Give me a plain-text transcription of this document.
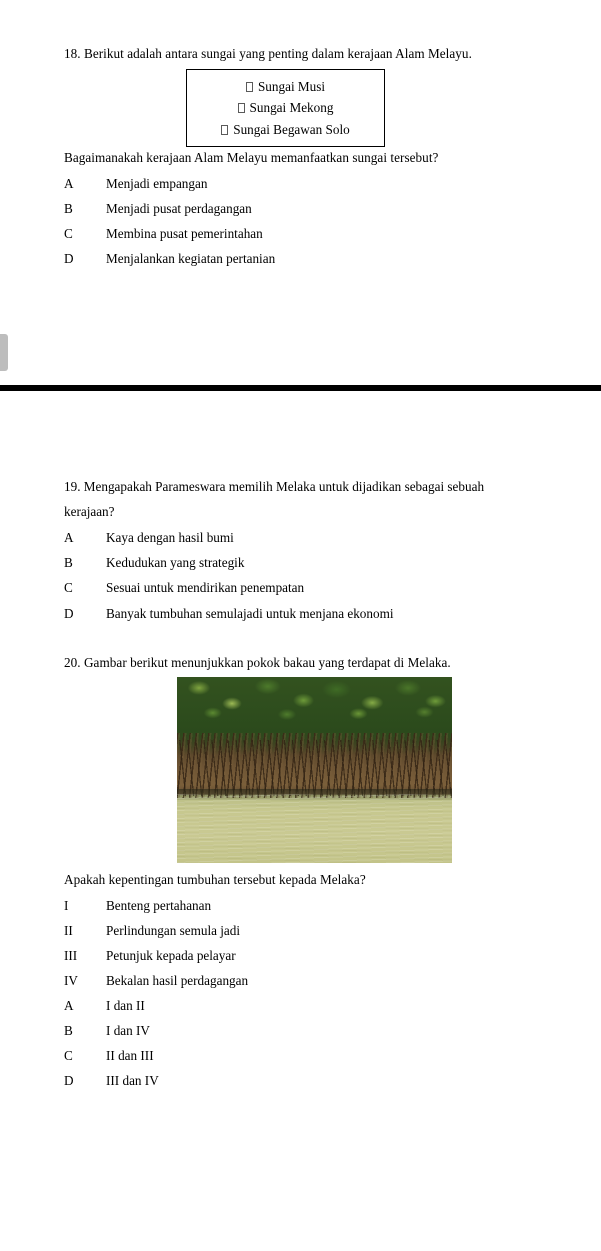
18. Berikut adalah antara sungai yang penting dalam kerajaan Alam Melayu.
Sungai Musi
Sungai Mekong
Sungai Begawan Solo
Bagaimanakah kerajaan Alam Melayu memanfaatkan sungai tersebut?
A Menjadi empangan
B	Menjadi pusat perdagangan
C	Membina pusat pemerintahan
D Menjalankan kegiatan pertanian
19. Mengapakah Parameswara memilih Melaka untuk dijadikan sebagai sebuah kerajaan?
A Kaya dengan hasil bumi
B	Kedudukan yang strategik
C	Sesuai untuk mendirikan penempatan
D Banyak tumbuhan semulajadi untuk menjana ekonomi
20. Gambar berikut menunjukkan pokok bakau yang terdapat di Melaka.
Apakah kepentingan tumbuhan tersebut kepada Melaka?
I	Benteng pertahanan
II	Perlindungan semula jadi
III Petunjuk kepada pelayar
IV Bekalan hasil perdagangan
A I dan II
B	I dan IV
C	II dan III
D III dan IV
